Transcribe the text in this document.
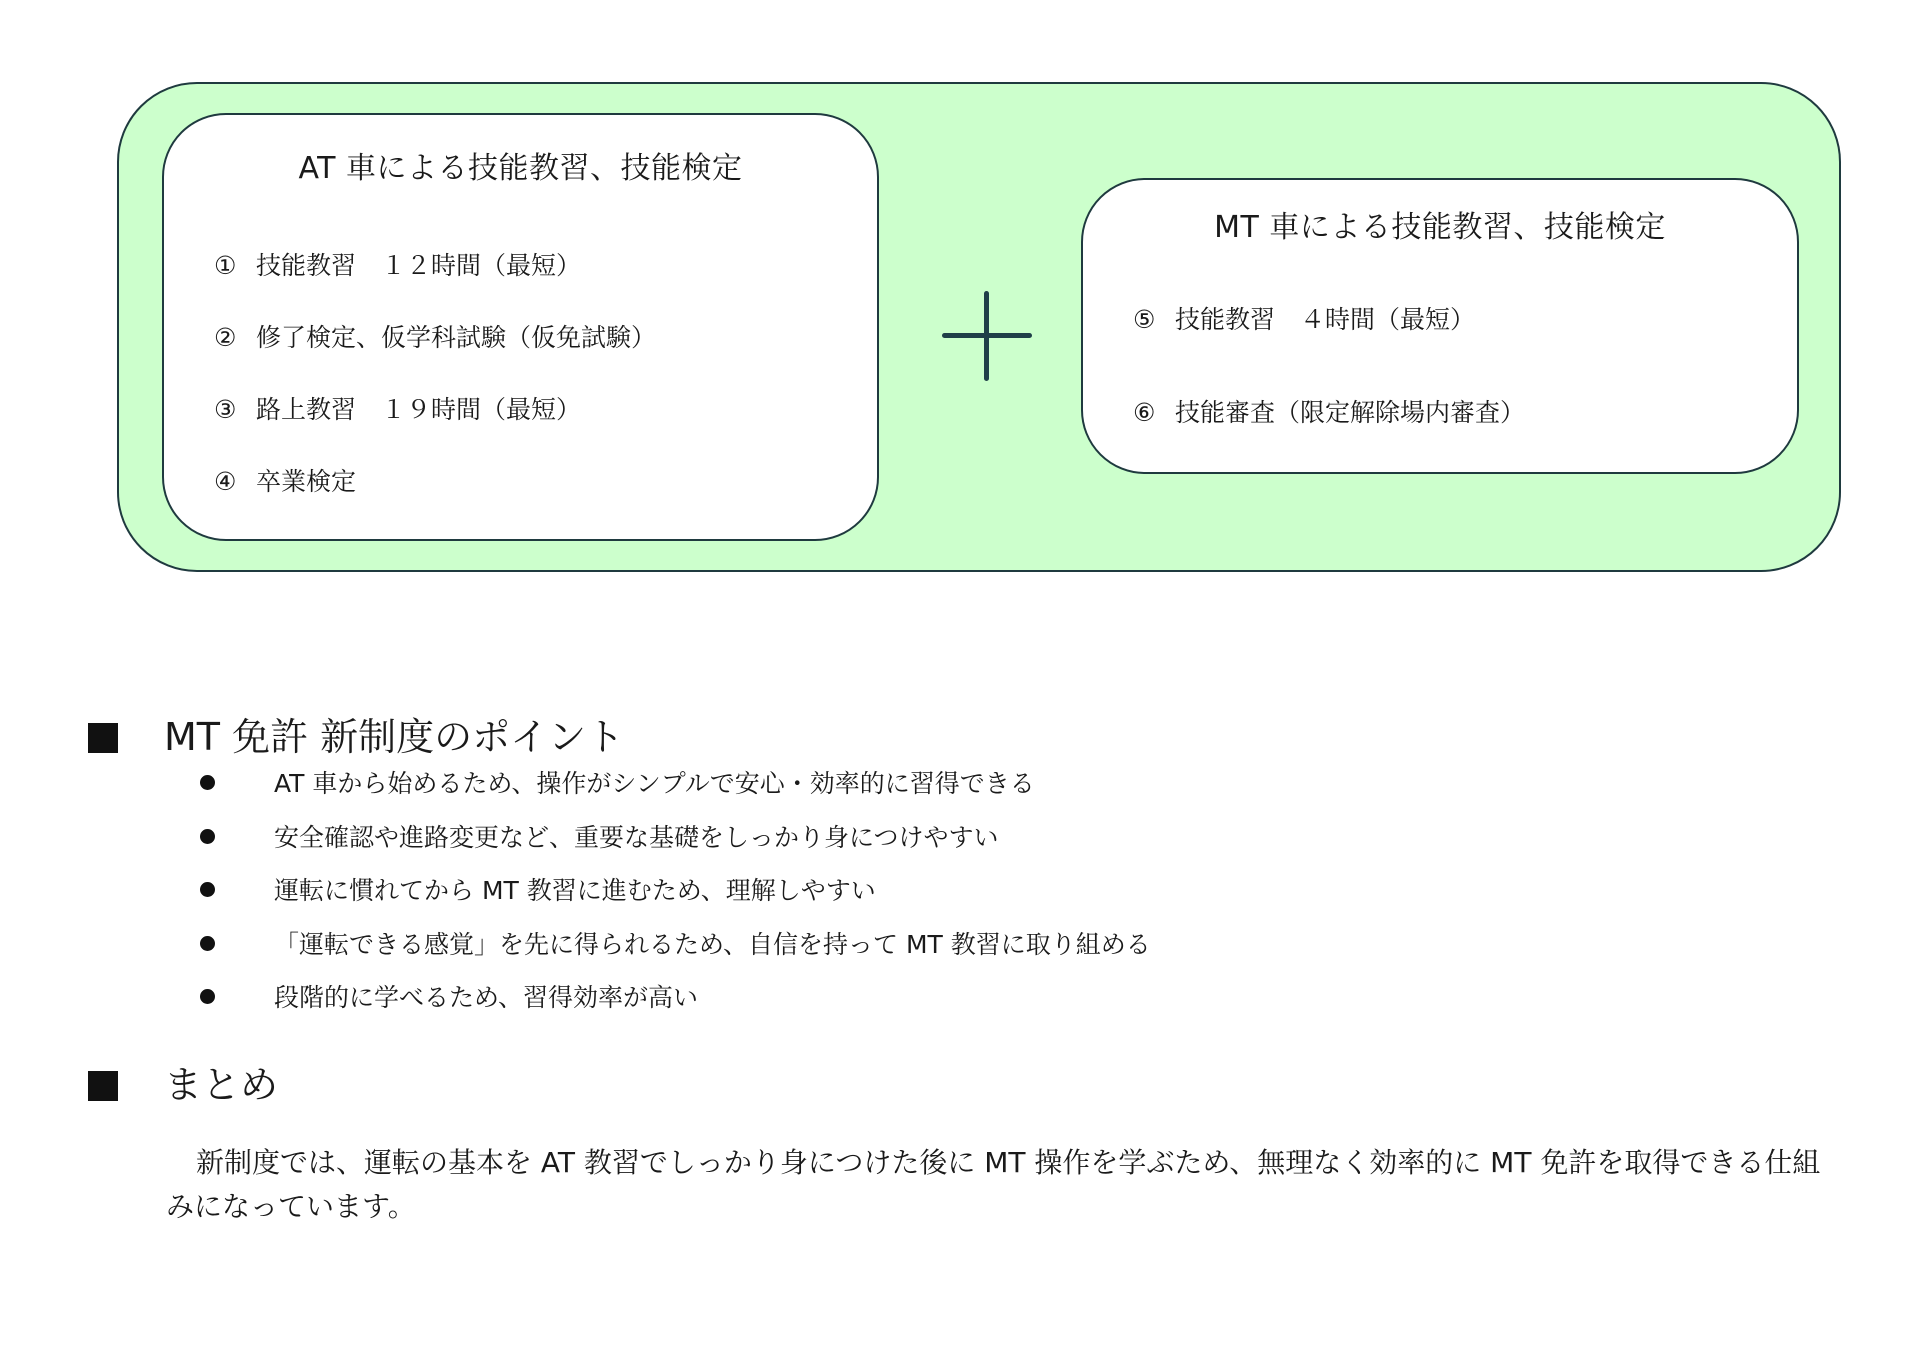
AT 車による技能教習、技能検定
① 技能教習　１２時間（最短）
② 修了検定、仮学科試験（仮免試験）
③ 路上教習　１９時間（最短）
④ 卒業検定
MT 車による技能教習、技能検定
⑤ 技能教習　４時間（最短）
⑥ 技能審査（限定解除場内審査）
MT 免許 新制度のポイント
AT 車から始めるため、操作がシンプルで安心・効率的に習得できる
安全確認や進路変更など、重要な基礎をしっかり身につけやすい
運転に慣れてから MT 教習に進むため、理解しやすい
「運転できる感覚」を先に得られるため、自信を持って MT 教習に取り組める
段階的に学べるため、習得効率が高い
まとめ
新制度では、運転の基本を AT 教習でしっかり身につけた後に MT 操作を学ぶため、無理なく効率的に MT 免許を取得できる仕組みになっています。
